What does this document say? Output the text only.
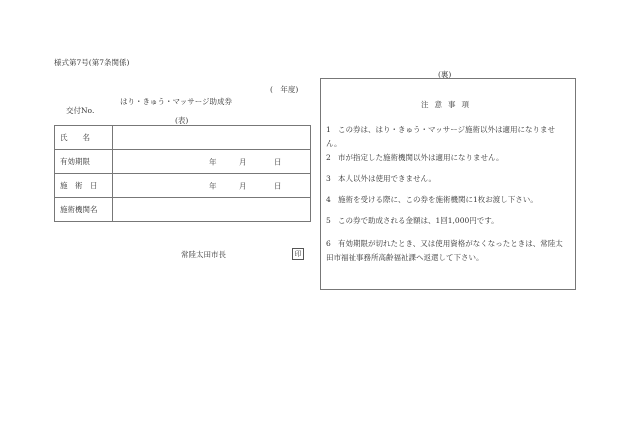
様式第7号(第7条関係)
(　年度)
はり・きゅう・マッサージ助成券
交付No.
(表)
氏　　名	
有効期限	年 月 日

施　術　日	年 月 日

施術機関名	
常陸太田市長	印
(裏)
注意事項
1 この券は、はり・きゅう・マッサージ施術以外は適用になりません。
2 市が指定した施術機関以外は適用になりません。
3 本人以外は使用できません。
4 施術を受ける際に、この券を施術機関に1枚お渡し下さい。
5 この券で助成される金額は、1回1,000円です。
6 有効期限が切れたとき、又は使用資格がなくなったときは、常陸太田市福祉事務所高齢福祉課へ返還して下さい。
